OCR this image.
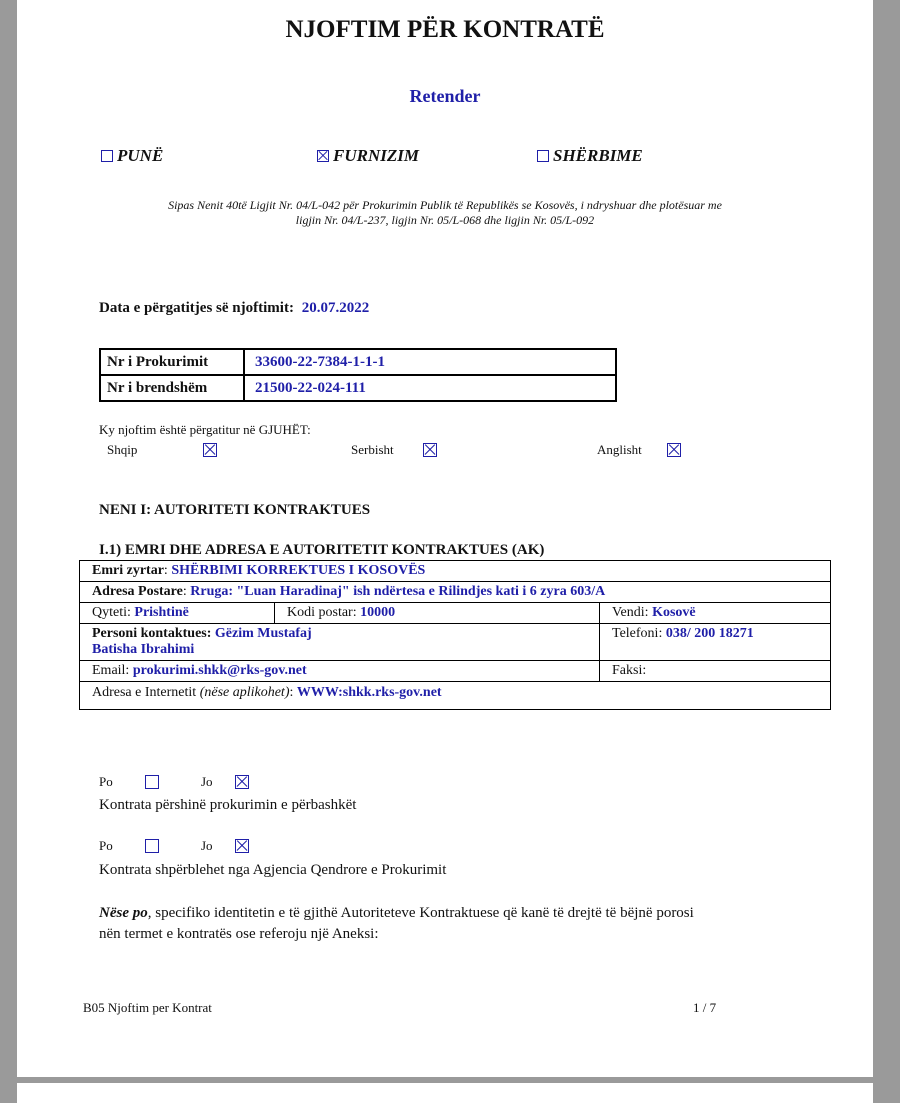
NJOFTIM PËR KONTRATË
Retender
PUNË	FURNIZIM	SHËRBIME
Sipas Nenit 40të Ligjit Nr. 04/L-042 për Prokurimin Publik të Republikës se Kosovës, i ndryshuar dhe plotësuar me
ligjin Nr. 04/L-237, ligjin Nr. 05/L-068 dhe ligjin Nr. 05/L-092
Data e përgatitjes së njoftimit: 20.07.2022
Nr i Prokurimit	33600-22-7384-1-1-1
Nr i brendshëm	21500-22-024-111
Ky njoftim është përgatitur në GJUHËT:
Shqip	Serbisht	Anglisht
NENI I: AUTORITETI KONTRAKTUES
I.1) EMRI DHE ADRESA E AUTORITETIT KONTRAKTUES (AK)
Emri zyrtar: SHËRBIMI KORREKTUES I KOSOVËS		
Adresa Postare: Rruga: "Luan Haradinaj" ish ndërtesa e Rilindjes kati i 6 zyra 603/A		
Qyteti: Prishtinë	Kodi postar: 10000	Vendi: Kosovë
Personi kontaktues: Gëzim Mustafaj
Batisha Ibrahimi		Telefoni: 038/ 200 18271
Email: prokurimi.shkk@rks-gov.net		Faksi:
Adresa e Internetit (nëse aplikohet): WWW:shkk.rks-gov.net		
Po	Jo
Kontrata përshinë prokurimin e përbashkët
Po	Jo
Kontrata shpërblehet nga Agjencia Qendrore e Prokurimit
Nëse po, specifiko identitetin e të gjithë Autoriteteve Kontraktuese që kanë të drejtë të bëjnë porosi
nën termet e kontratës ose referoju një Aneksi:
B05 Njoftim per Kontrat	1 / 7
